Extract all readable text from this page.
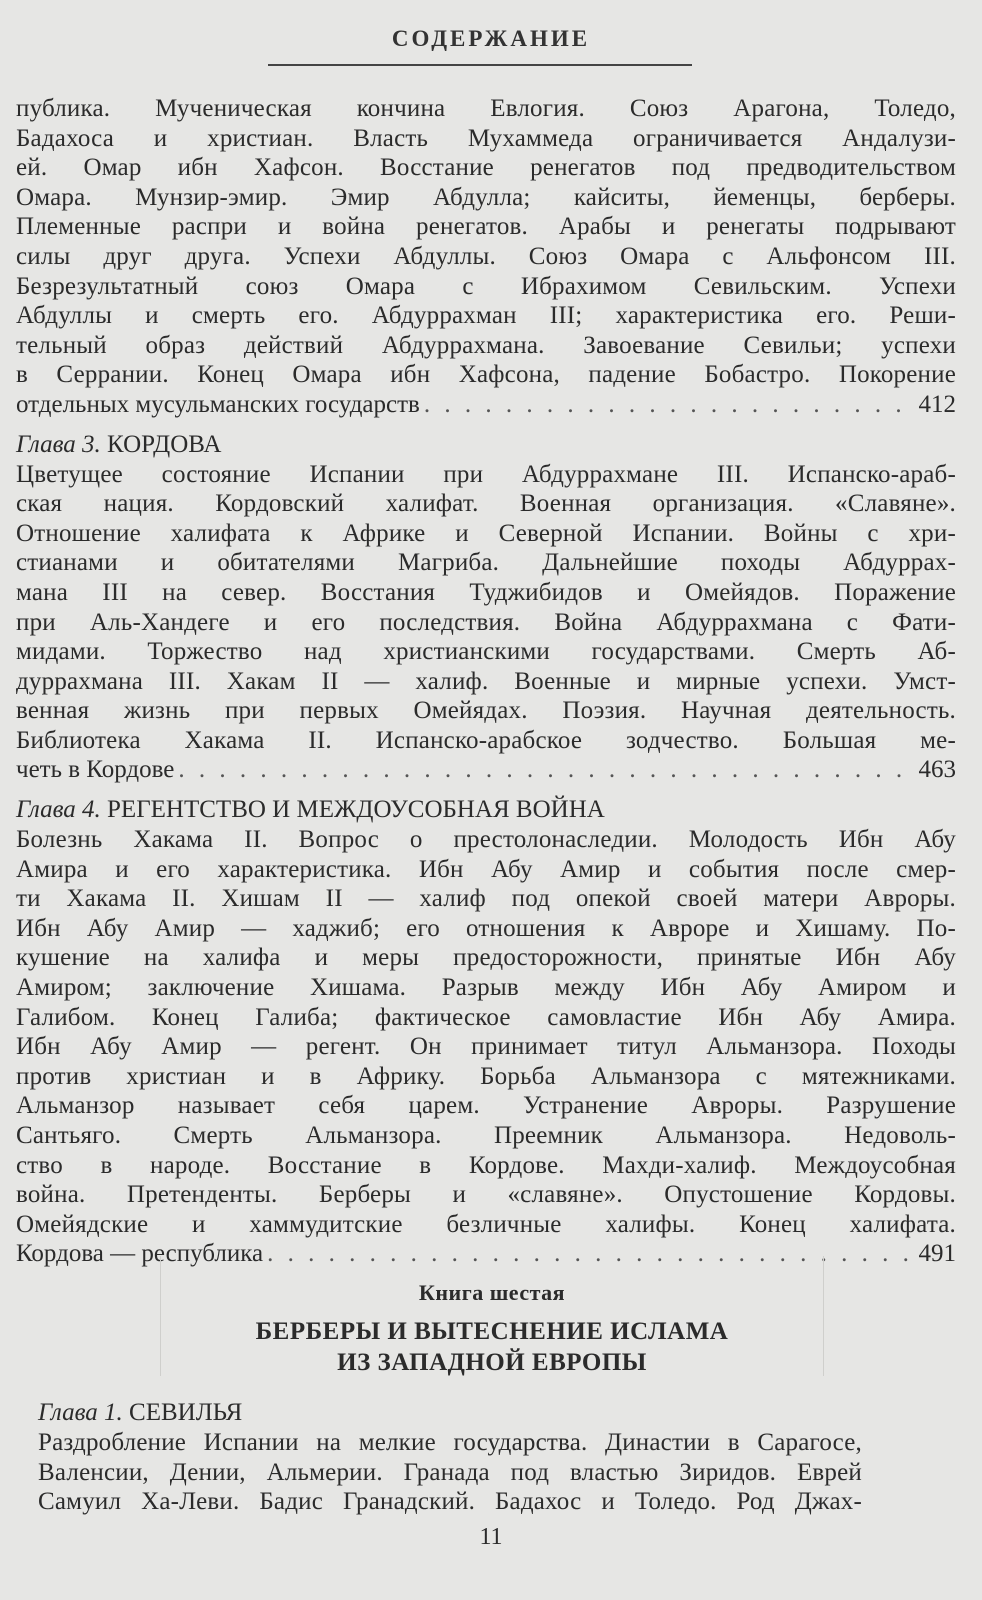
СОДЕРЖАНИЕ
публика. Мученическая кончина Евлогия. Союз Арагона, Толедо,
Бадахоса и христиан. Власть Мухаммеда ограничивается Андалузи-
ей. Омар ибн Хафсон. Восстание ренегатов под предводительством
Омара. Мунзир-эмир. Эмир Абдулла; кайситы, йеменцы, берберы.
Племенные распри и война ренегатов. Арабы и ренегаты подрывают
силы друг друга. Успехи Абдуллы. Союз Омара с Альфонсом III.
Безрезультатный союз Омара с Ибрахимом Севильским. Успехи
Абдуллы и смерть его. Абдуррахман III; характеристика его. Реши-
тельный образ действий Абдуррахмана. Завоевание Севильи; успехи
в Серрании. Конец Омара ибн Хафсона, падение Бобастро. Покорение
отдельных мусульманских государств . . .	412
Глава 3. КОРДОВА
Цветущее состояние Испании при Абдуррахмане III. Испанско-араб-
ская нация. Кордовский халифат. Военная организация. «Славяне».
Отношение халифата к Африке и Северной Испании. Войны с хри-
стианами и обитателями Магриба. Дальнейшие походы Абдуррах-
мана III на север. Восстания Туджибидов и Омейядов. Поражение
при Аль-Хандеге и его последствия. Война Абдуррахмана с Фати-
мидами. Торжество над христианскими государствами. Смерть Аб-
дуррахмана III. Хакам II — халиф. Военные и мирные успехи. Умст-
венная жизнь при первых Омейядах. Поэзия. Научная деятельность.
Библиотека Хакама II. Испанско-арабское зодчество. Большая ме-
четь в Кордове . . .	463
Глава 4. РЕГЕНТСТВО И МЕЖДОУСОБНАЯ ВОЙНА
Болезнь Хакама II. Вопрос о престолонаследии. Молодость Ибн Абу
Амира и его характеристика. Ибн Абу Амир и события после смер-
ти Хакама II. Хишам II — халиф под опекой своей матери Авроры.
Ибн Абу Амир — хаджиб; его отношения к Авроре и Хишаму. По-
кушение на халифа и меры предосторожности, принятые Ибн Абу
Амиром; заключение Хишама. Разрыв между Ибн Абу Амиром и
Галибом. Конец Галиба; фактическое самовластие Ибн Абу Амира.
Ибн Абу Амир — регент. Он принимает титул Альманзора. Походы
против христиан и в Африку. Борьба Альманзора с мятежниками.
Альманзор называет себя царем. Устранение Авроры. Разрушение
Сантьяго. Смерть Альманзора. Преемник Альманзора. Недоволь-
ство в народе. Восстание в Кордове. Махди-халиф. Междоусобная
война. Претенденты. Берберы и «славяне». Опустошение Кордовы.
Омейядские и хаммудитские безличные халифы. Конец халифата.
Кордова — республика . . .	491
Книга шестая
БЕРБЕРЫ И ВЫТЕСНЕНИЕ ИСЛАМА
ИЗ ЗАПАДНОЙ ЕВРОПЫ
Глава 1. СЕВИЛЬЯ
Раздробление Испании на мелкие государства. Династии в Сарагосе,
Валенсии, Дении, Альмерии. Гранада под властью Зиридов. Еврей
Самуил Ха-Леви. Бадис Гранадский. Бадахос и Толедо. Род Джах-
11
